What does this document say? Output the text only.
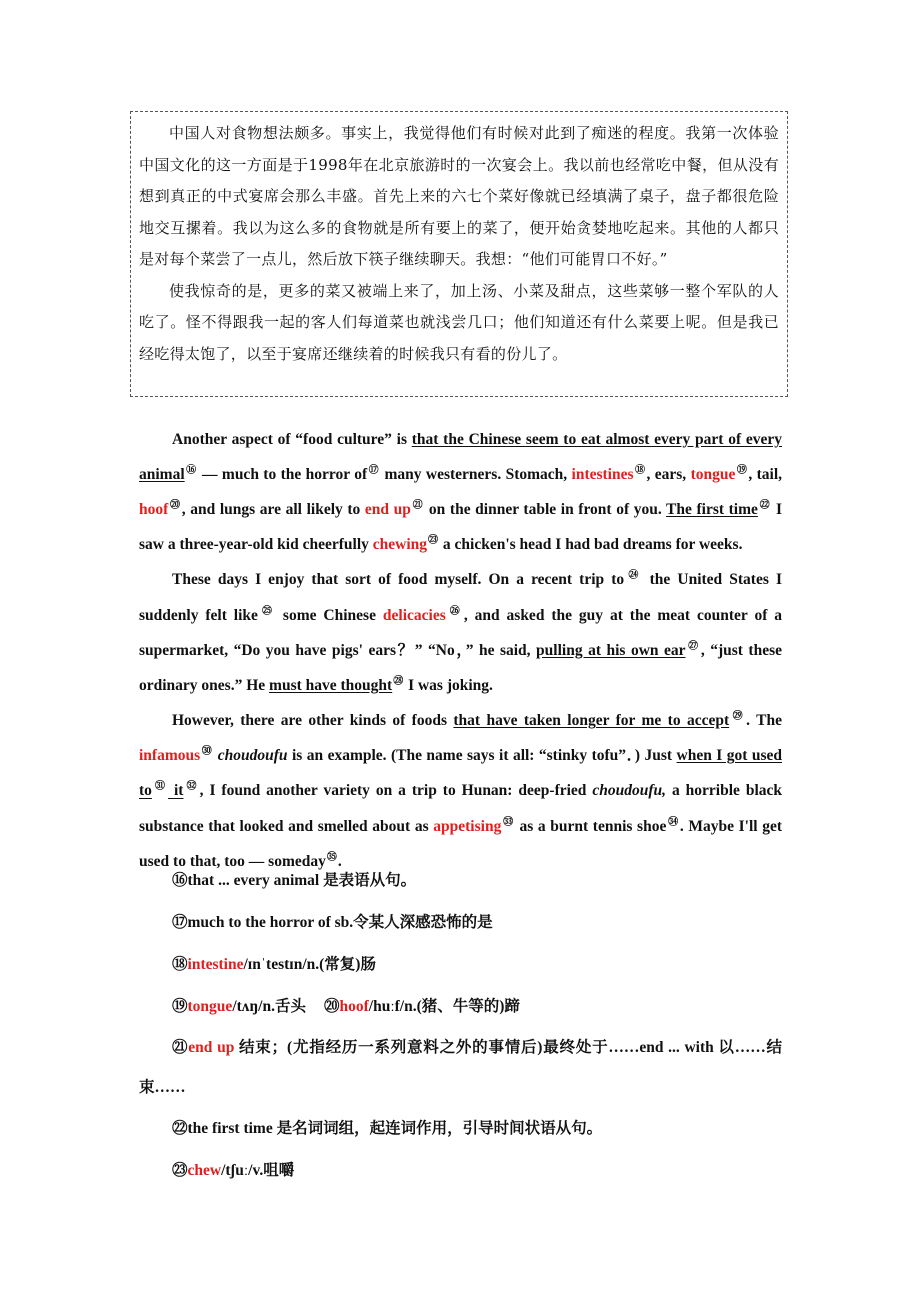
中国人对食物想法颇多。事实上，我觉得他们有时候对此到了痴迷的程度。我第一次体验中国文化的这一方面是于1998年在北京旅游时的一次宴会上。我以前也经常吃中餐，但从没有想到真正的中式宴席会那么丰盛。首先上来的六七个菜好像就已经填满了桌子，盘子都很危险地交互摞着。我以为这么多的食物就是所有要上的菜了，便开始贪婪地吃起来。其他的人都只是对每个菜尝了一点儿，然后放下筷子继续聊天。我想：“他们可能胃口不好。”

使我惊奇的是，更多的菜又被端上来了，加上汤、小菜及甜点，这些菜够一整个军队的人吃了。怪不得跟我一起的客人们每道菜也就浅尝几口；他们知道还有什么菜要上呢。但是我已经吃得太饱了，以至于宴席还继续着的时候我只有看的份儿了。

Another aspect of “food culture” is that the Chinese seem to eat almost every part of every animal⑯ — much to the horror of⑰ many westerners. Stomach, intestines⑱, ears, tongue⑲, tail, hoof⑳, and lungs are all likely to end $up^㉑$ on the dinner table in front of you. The first time$^㉒$ I saw a three-year-old kid cheerfully chewing$^㉓$ a chicken's head I had bad dreams for weeks.

These days I enjoy that sort of food myself. On a recent trip $to^㉔$ the United States I suddenly felt like$^㉕$ some Chinese delicacies$^㉖$, and asked the guy at the meat counter of a supermarket, “Do you have pigs' ears？” “No，” he said, pulling at his own ear$^㉗$, “just these ordinary ones.” He must have thought$^㉘$ I was joking.

However, there are other kinds of foods that have taken longer for me to accept$^㉙$. The infamous$^㉚$ choudoufu is an example. (The name says it all: “stinky tofu”．) Just when I got used $to^㉛$ $it^㉜$, I found another variety on a trip to Hunan: deep-fried choudoufu, a horrible black substance that looked and smelled about as appetising$^㉝$ as a burnt tennis shoe$^㉞$. Maybe I'll get used to that, too — someday$^㉟$.

⑯that ... every animal 是表语从句。

⑰much to the horror of sb.令某人深感恐怖的是

⑱intestine/ɪnˈtestɪn/n.(常复)肠

⑲tongue/tʌŋ/n.舌头 ⑳hoof/huːf/n.(猪、牛等的)蹄

㉑end up 结束；(尤指经历一系列意料之外的事情后)最终处于……end ... with 以……结束……

㉒the first time 是名词词组，起连词作用，引导时间状语从句。

㉓chew/tʃuː/v.咀嚼
